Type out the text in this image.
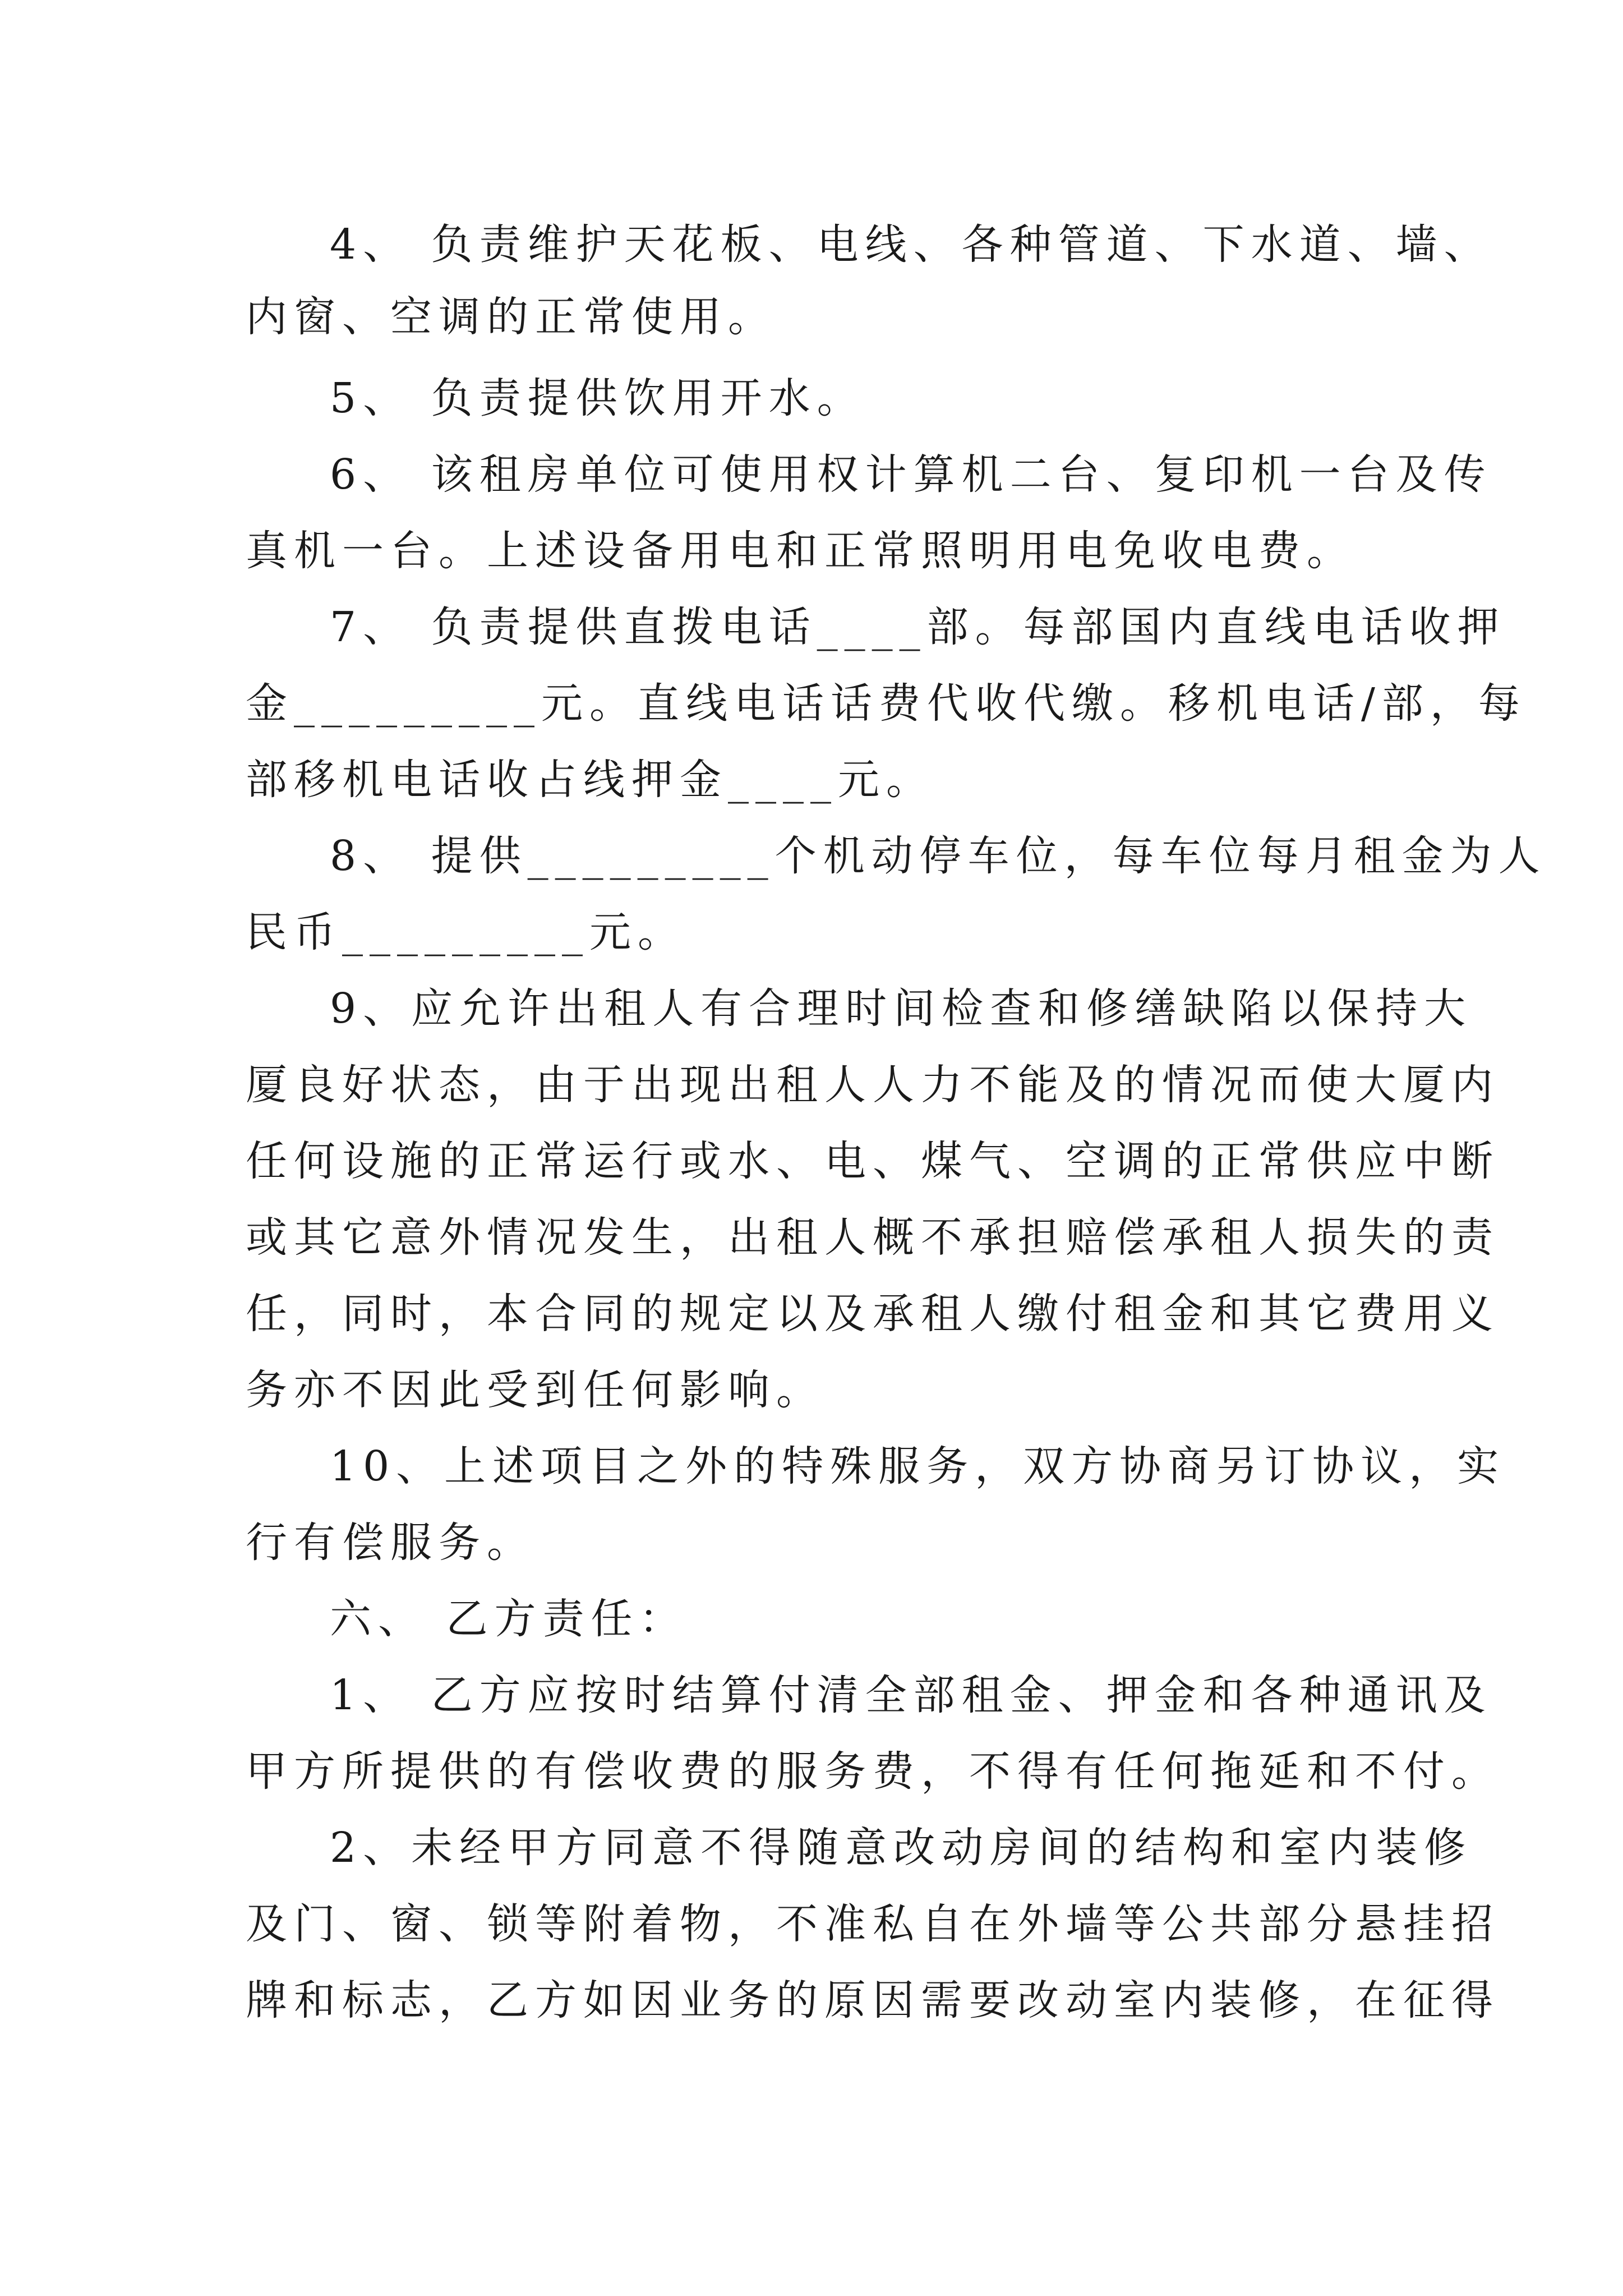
4、 负责维护天花板、电线、各种管道、下水道、墙、

内窗、空调的正常使用。

5、 负责提供饮用开水。

6、 该租房单位可使用权计算机二台、复印机一台及传

真机一台。上述设备用电和正常照明用电免收电费。

7、 负责提供直拨电话____部。每部国内直线电话收押

金_________元。直线电话话费代收代缴。移机电话/部，每

部移机电话收占线押金____元。

8、 提供_________个机动停车位，每车位每月租金为人

民币_________元。

9、应允许出租人有合理时间检查和修缮缺陷以保持大

厦良好状态，由于出现出租人人力不能及的情况而使大厦内

任何设施的正常运行或水、电、煤气、空调的正常供应中断

或其它意外情况发生，出租人概不承担赔偿承租人损失的责

任，同时，本合同的规定以及承租人缴付租金和其它费用义

务亦不因此受到任何影响。

10、上述项目之外的特殊服务，双方协商另订协议，实

行有偿服务。

六、 乙方责任：

1、 乙方应按时结算付清全部租金、押金和各种通讯及

甲方所提供的有偿收费的服务费，不得有任何拖延和不付。

2、未经甲方同意不得随意改动房间的结构和室内装修

及门、窗、锁等附着物，不准私自在外墙等公共部分悬挂招

牌和标志，乙方如因业务的原因需要改动室内装修，在征得
